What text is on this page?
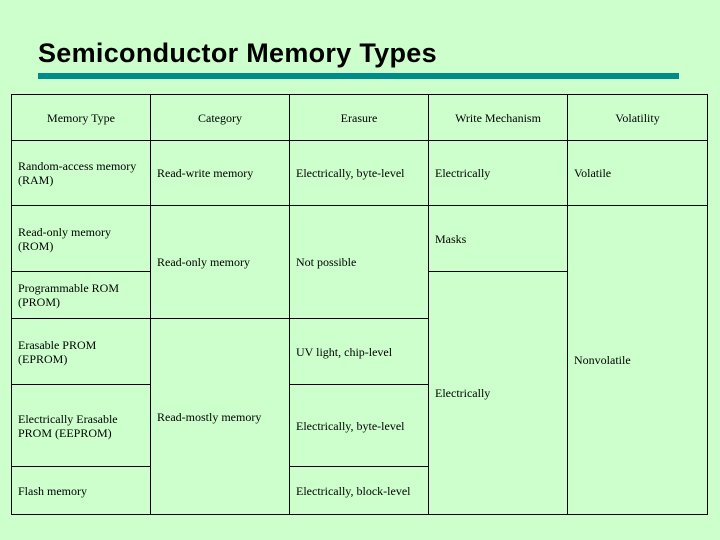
Semiconductor Memory Types
Memory Type	Category	Erasure	Write Mechanism	Volatility
Random-access memory (RAM)	Read-write memory	Electrically, byte-level	Electrically	Volatile
Read-only memory (ROM)	Read-only memory	Not possible	Masks	Nonvolatile
Programmable ROM (PROM)			Electrically	
Erasable PROM (EPROM)	Read-mostly memory	UV light, chip-level		
Electrically Erasable PROM (EEPROM)		Electrically, byte-level		
Flash memory		Electrically, block-level		
